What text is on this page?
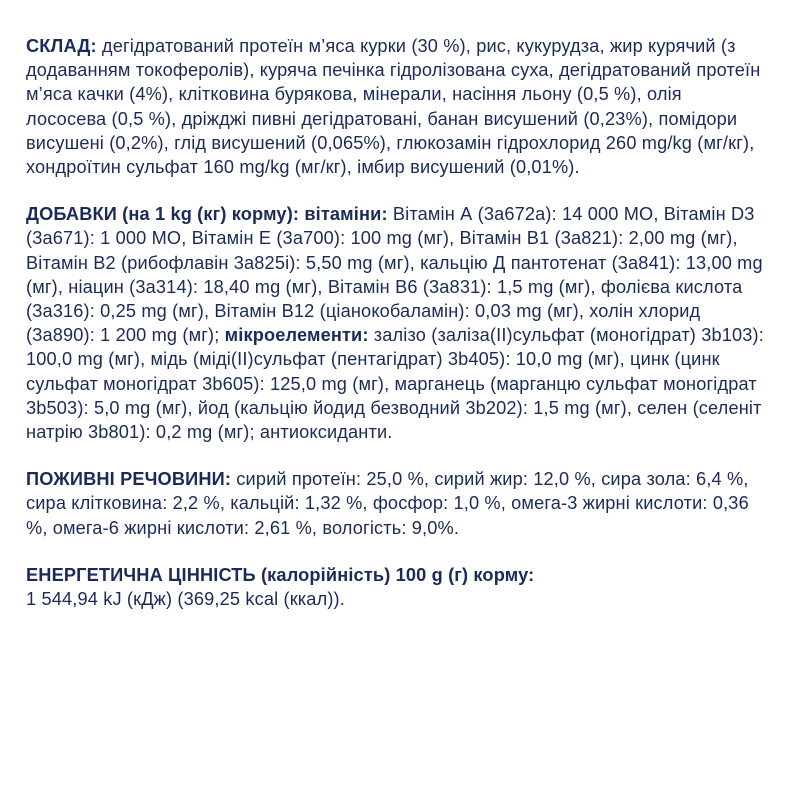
СКЛАД: дегідратований протеїн м’яса курки (30 %), рис, кукурудза, жир курячий (з додаванням токоферолів), куряча печінка гідролізована суха, дегідратований протеїн м’яса качки (4%), клітковина бурякова, мінерали, насіння льону (0,5 %), олія лососева (0,5 %), дріжджі пивні дегідратовані, банан висушений (0,23%), помідори висушені (0,2%), глід висушений (0,065%), глюкозамін гідрохлорид 260 mg/kg (мг/кг), хондроїтин сульфат 160 mg/kg (мг/кг), імбир висушений (0,01%).

ДОБАВКИ (на 1 kg (кг) корму): вітаміни: Вітамін А (3а672а): 14 000 МО, Вітамін D3 (3а671): 1 000 МО, Вітамін Е (3а700): 100 mg (мг), Вітамін В1 (3а821): 2,00 mg (мг), Вітамін В2 (рибофлавін 3а825і): 5,50 mg (мг), кальцію Д пантотенат (3а841): 13,00 mg (мг), ніацин (3а314): 18,40 mg (мг), Вітамін В6 (3а831): 1,5 mg (мг), фолієва кислота (3а316): 0,25 mg (мг), Вітамін В12 (ціанокобаламін): 0,03 mg (мг), холін хлорид (3а890): 1 200 mg (мг); мікроелементи: залізо (заліза(ІІ)сульфат (моногідрат) 3b103): 100,0 mg (мг), мідь (міді(ІІ)сульфат (пентагідрат) 3b405): 10,0 mg (мг), цинк (цинк сульфат моногідрат 3b605): 125,0 mg (мг), марганець (марганцю сульфат моногідрат 3b503): 5,0 mg (мг), йод (кальцію йодид безводний 3b202): 1,5 mg (мг), селен (селеніт натрію 3b801): 0,2 mg (мг); антиоксиданти.

ПОЖИВНІ РЕЧОВИНИ: сирий протеїн: 25,0 %, сирий жир: 12,0 %, сира зола: 6,4 %, сира клітковина: 2,2 %, кальцій: 1,32 %, фосфор: 1,0 %, омега-3 жирні кислоти: 0,36 %, омега-6 жирні кислоти: 2,61 %, вологість: 9,0%.

ЕНЕРГЕТИЧНА ЦІННІСТЬ (калорійність) 100 g (г) корму:
1 544,94 kJ (кДж) (369,25 kcal (ккал)).
